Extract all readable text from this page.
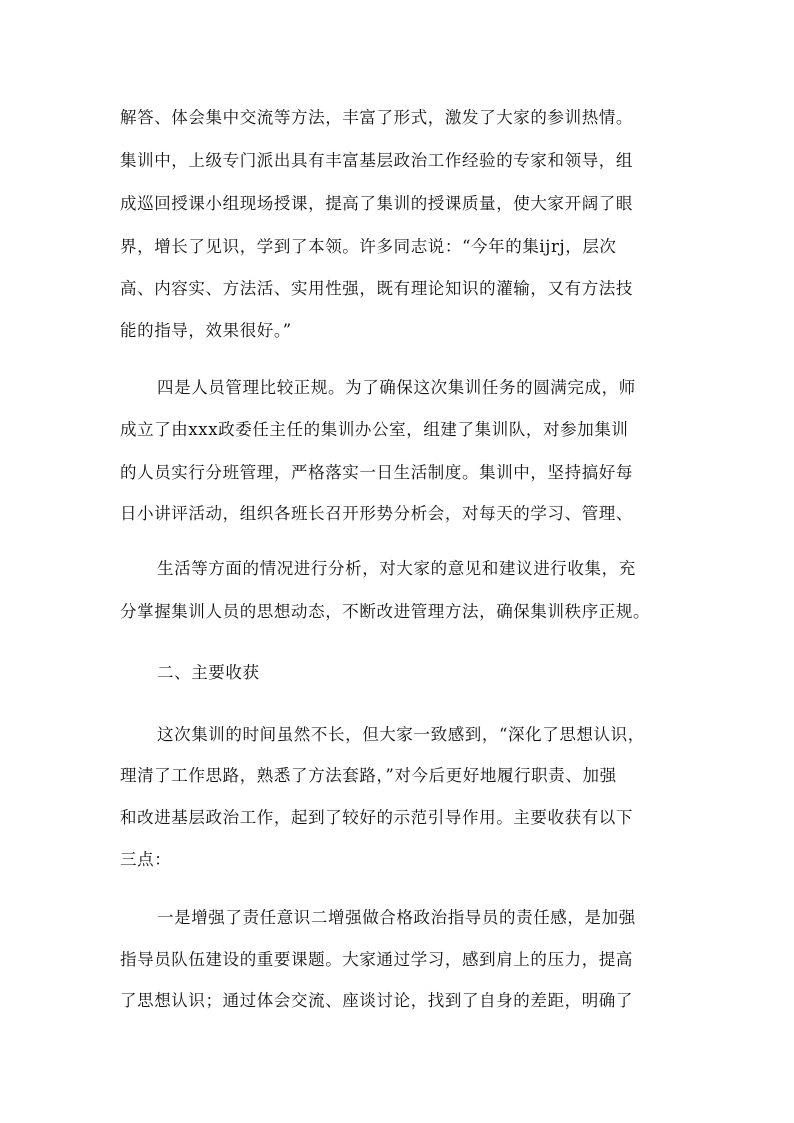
解答、体会集中交流等方法，丰富了形式，激发了大家的参训热情。
集训中，上级专门派出具有丰富基层政治工作经验的专家和领导，组
成巡回授课小组现场授课，提高了集训的授课质量，使大家开阔了眼
界，增长了见识，学到了本领。许多同志说：“今年的集ijrj，层次
高、内容实、方法活、实用性强，既有理论知识的灌输，又有方法技
能的指导，效果很好。”
四是人员管理比较正规。为了确保这次集训任务的圆满完成，师
成立了由xxx政委任主任的集训办公室，组建了集训队，对参加集训
的人员实行分班管理，严格落实一日生活制度。集训中，坚持搞好每
日小讲评活动，组织各班长召开形势分析会，对每天的学习、管理、
生活等方面的情况进行分析，对大家的意见和建议进行收集，充
分掌握集训人员的思想动态，不断改进管理方法，确保集训秩序正规。
二、主要收获
这次集训的时间虽然不长，但大家一致感到，“深化了思想认识，
理清了工作思路，熟悉了方法套路，”对今后更好地履行职责、加强
和改进基层政治工作，起到了较好的示范引导作用。主要收获有以下
三点：
一是增强了责任意识二增强做合格政治指导员的责任感，是加强
指导员队伍建设的重要课题。大家通过学习，感到肩上的压力，提高
了思想认识；通过体会交流、座谈讨论，找到了自身的差距，明确了
